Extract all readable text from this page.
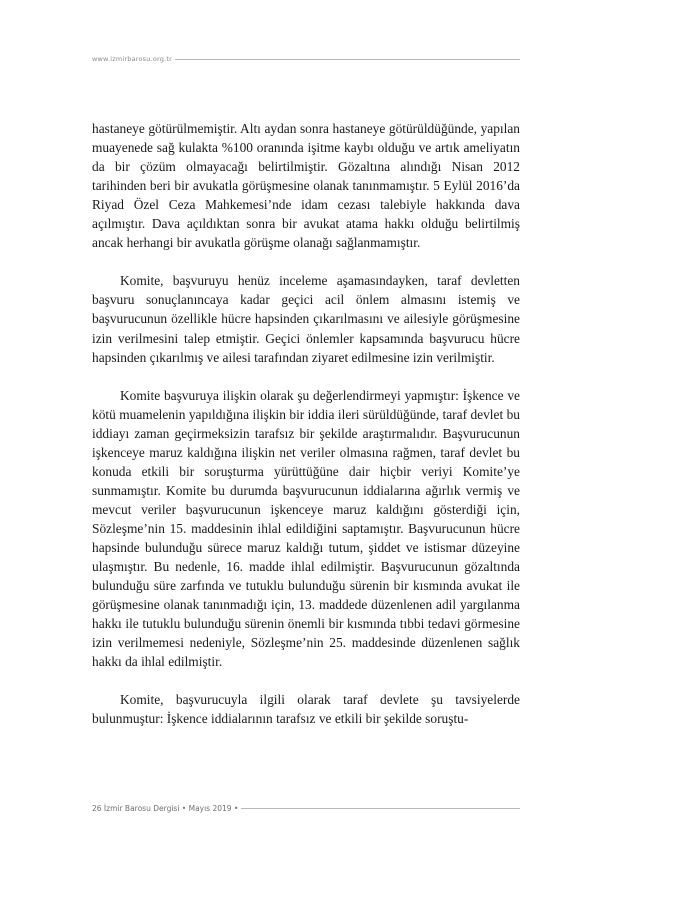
www.izmirbarosu.org.tr

hastaneye götürülmemiştir. Altı aydan sonra hastaneye götürüldüğünde, yapılan muayenede sağ kulakta %100 oranında işitme kaybı olduğu ve artık ameliyatın da bir çözüm olmayacağı belirtilmiştir. Gözaltına alındığı Nisan 2012 tarihinden beri bir avukatla görüşmesine olanak tanınmamıştır. 5 Eylül 2016’da Riyad Özel Ceza Mahkemesi’nde idam cezası talebiyle hakkında dava açılmıştır. Dava açıldıktan sonra bir avukat atama hakkı olduğu belirtilmiş ancak herhangi bir avukatla görüşme olanağı sağlanmamıştır.

Komite, başvuruyu henüz inceleme aşamasındayken, taraf devletten başvuru sonuçlanıncaya kadar geçici acil önlem almasını istemiş ve başvurucunun özellikle hücre hapsinden çıkarılmasını ve ailesiyle görüşmesine izin verilmesini talep etmiştir. Geçici önlemler kapsamında başvurucu hücre hapsinden çıkarılmış ve ailesi tarafından ziyaret edilmesine izin verilmiştir.

Komite başvuruya ilişkin olarak şu değerlendirmeyi yapmıştır: İşkence ve kötü muamelenin yapıldığına ilişkin bir iddia ileri sürüldüğünde, taraf devlet bu iddiayı zaman geçirmeksizin tarafsız bir şekilde araştırmalıdır. Başvurucunun işkenceye maruz kaldığına ilişkin net veriler olmasına rağmen, taraf devlet bu konuda etkili bir soruşturma yürüttüğüne dair hiçbir veriyi Komite’ye sunmamıştır. Komite bu durumda başvurucunun iddialarına ağırlık vermiş ve mevcut veriler başvurucunun işkenceye maruz kaldığını gösterdiği için, Sözleşme’nin 15. maddesinin ihlal edildiğini saptamıştır. Başvurucunun hücre hapsinde bulunduğu sürece maruz kaldığı tutum, şiddet ve istismar düzeyine ulaşmıştır. Bu nedenle, 16. madde ihlal edilmiştir. Başvurucunun gözaltında bulunduğu süre zarfında ve tutuklu bulunduğu sürenin bir kısmında avukat ile görüşmesine olanak tanınmadığı için, 13. maddede düzenlenen adil yargılanma hakkı ile tutuklu bulunduğu sürenin önemli bir kısmında tıbbi tedavi görmesine izin verilmemesi nedeniyle, Sözleşme’nin 25. maddesinde düzenlenen sağlık hakkı da ihlal edilmiştir.

Komite, başvurucuyla ilgili olarak taraf devlete şu tavsiyelerde bulunmuştur: İşkence iddialarının tarafsız ve etkili bir şekilde soruştu-

26 İzmir Barosu Dergisi • Mayıs 2019 •
